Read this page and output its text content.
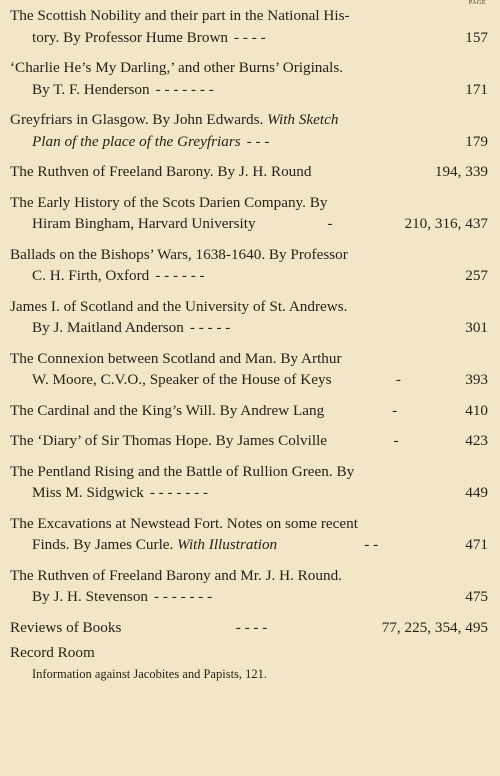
PAGE
The Scottish Nobility and their part in the National His-
tory. By Professor Hume Brown - - - -	157
‘Charlie He’s My Darling,’ and other Burns’ Originals.
By T. F. Henderson - - - - - - -	171
Greyfriars in Glasgow. By John Edwards. With Sketch
Plan of the place of the Greyfriars - - -	179
The Ruthven of Freeland Barony. By J. H. Round	194, 339
The Early History of the Scots Darien Company. By
Hiram Bingham, Harvard University	-	210, 316, 437
Ballads on the Bishops’ Wars, 1638-1640. By Professor
C. H. Firth, Oxford - - - - - -	257
James I. of Scotland and the University of St. Andrews.
By J. Maitland Anderson - - - - -	301
The Connexion between Scotland and Man. By Arthur
W. Moore, C.V.O., Speaker of the House of Keys	-	393
The Cardinal and the King’s Will. By Andrew Lang	-	410
The ‘Diary’ of Sir Thomas Hope. By James Colville	-	423
The Pentland Rising and the Battle of Rullion Green. By
Miss M. Sidgwick - - - - - - -	449
The Excavations at Newstead Fort. Notes on some recent
Finds. By James Curle. With Illustration	- -	471
The Ruthven of Freeland Barony and Mr. J. H. Round.
By J. H. Stevenson - - - - - - -	475
Reviews of Books	- - - -	77, 225, 354, 495
Record Room
Information against Jacobites and Papists, 121.
